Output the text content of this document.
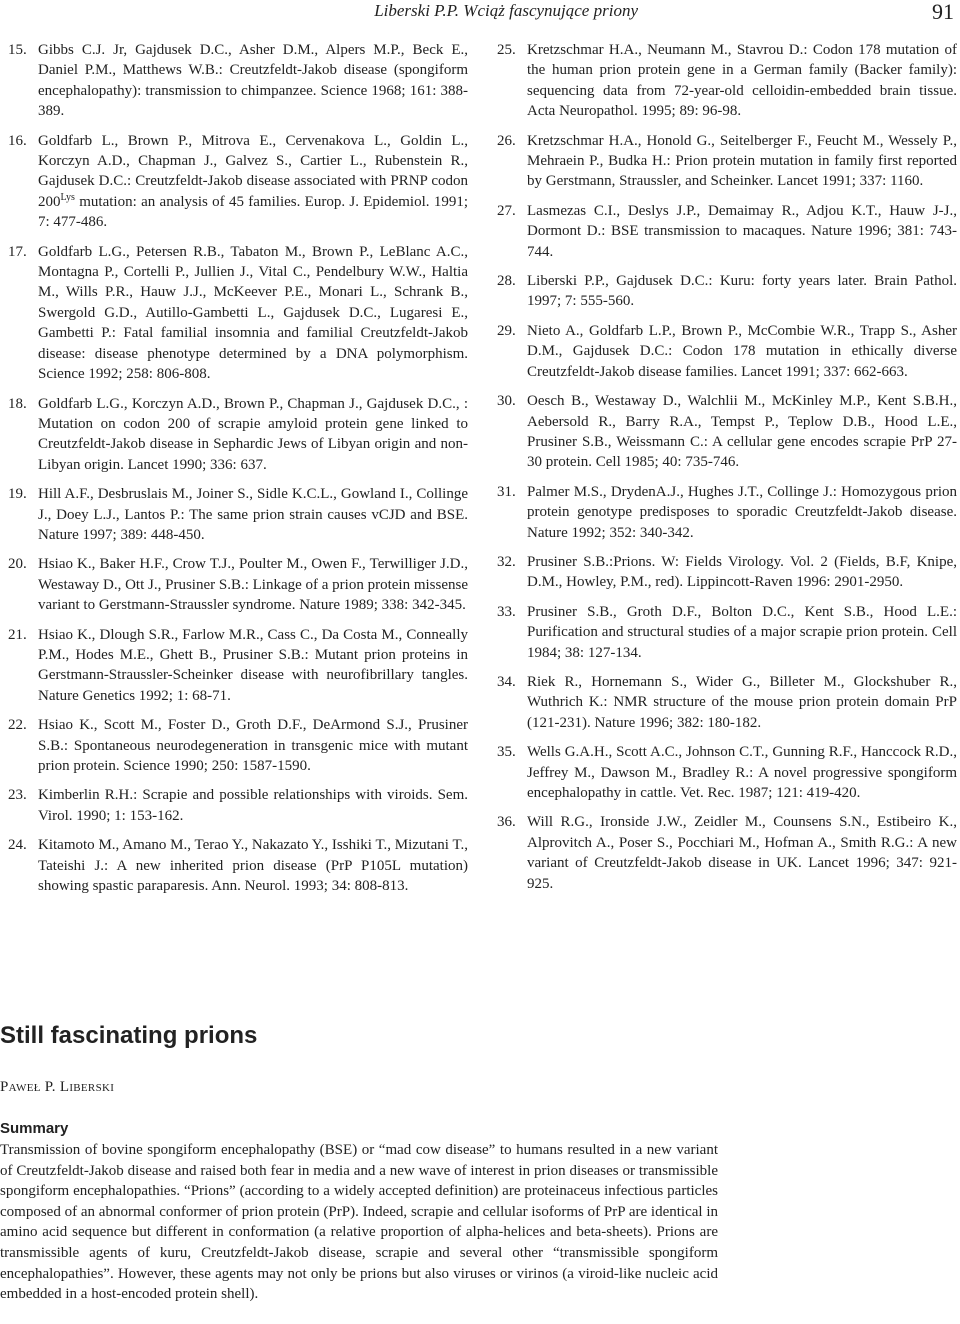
Liberski P.P. Wciąż fascynujące priony	91
15. Gibbs C.J. Jr, Gajdusek D.C., Asher D.M., Alpers M.P., Beck E., Daniel P.M., Matthews W.B.: Creutzfeldt-Jakob disease (spongiform encephalopathy): transmission to chimpanzee. Science 1968; 161: 388-389.
16. Goldfarb L., Brown P., Mitrova E., Cervenakova L., Goldin L., Korczyn A.D., Chapman J., Galvez S., Cartier L., Rubenstein R., Gajdusek D.C.: Creutzfeldt-Jakob disease associated with PRNP codon $200^{Lys}$ mutation: an analysis of 45 families. Europ. J. Epidemiol. 1991; 7: 477-486.
17. Goldfarb L.G., Petersen R.B., Tabaton M., Brown P., LeBlanc A.C., Montagna P., Cortelli P., Jullien J., Vital C., Pendelbury W.W., Haltia M., Wills P.R., Hauw J.J., McKeever P.E., Monari L., Schrank B., Swergold G.D., Autillo-Gambetti L., Gajdusek D.C., Lugaresi E., Gambetti P.: Fatal familial insomnia and familial Creutzfeldt-Jakob disease: disease phenotype determined by a DNA polymorphism. Science 1992; 258: 806-808.
18. Goldfarb L.G., Korczyn A.D., Brown P., Chapman J., Gajdusek D.C., : Mutation on codon 200 of scrapie amyloid protein gene linked to Creutzfeldt-Jakob disease in Sephardic Jews of Libyan origin and non-Libyan origin. Lancet 1990; 336: 637.
19. Hill A.F., Desbruslais M., Joiner S., Sidle K.C.L., Gowland I., Collinge J., Doey L.J., Lantos P.: The same prion strain causes vCJD and BSE. Nature 1997; 389: 448-450.
20. Hsiao K., Baker H.F., Crow T.J., Poulter M., Owen F., Terwilliger J.D., Westaway D., Ott J., Prusiner S.B.: Linkage of a prion protein missense variant to Gerstmann-Straussler syndrome. Nature 1989; 338: 342-345.
21. Hsiao K., Dlough S.R., Farlow M.R., Cass C., Da Costa M., Conneally P.M., Hodes M.E., Ghett B., Prusiner S.B.: Mutant prion proteins in Gerstmann-Straussler-Scheinker disease with neurofibrillary tangles. Nature Genetics 1992; 1: 68-71.
22. Hsiao K., Scott M., Foster D., Groth D.F., DeArmond S.J., Prusiner S.B.: Spontaneous neurodegeneration in transgenic mice with mutant prion protein. Science 1990; 250: 1587-1590.
23. Kimberlin R.H.: Scrapie and possible relationships with viroids. Sem. Virol. 1990; 1: 153-162.
24. Kitamoto M., Amano M., Terao Y., Nakazato Y., Isshiki T., Mizutani T., Tateishi J.: A new inherited prion disease (PrP P105L mutation) showing spastic paraparesis. Ann. Neurol. 1993; 34: 808-813.
25. Kretzschmar H.A., Neumann M., Stavrou D.: Codon 178 mutation of the human prion protein gene in a German family (Backer family): sequencing data from 72-year-old celloidin-embedded brain tissue. Acta Neuropathol. 1995; 89: 96-98.
26. Kretzschmar H.A., Honold G., Seitelberger F., Feucht M., Wessely P., Mehraein P., Budka H.: Prion protein mutation in family first reported by Gerstmann, Straussler, and Scheinker. Lancet 1991; 337: 1160.
27. Lasmezas C.I., Deslys J.P., Demaimay R., Adjou K.T., Hauw J-J., Dormont D.: BSE transmission to macaques. Nature 1996; 381: 743-744.
28. Liberski P.P., Gajdusek D.C.: Kuru: forty years later. Brain Pathol. 1997; 7: 555-560.
29. Nieto A., Goldfarb L.P., Brown P., McCombie W.R., Trapp S., Asher D.M., Gajdusek D.C.: Codon 178 mutation in ethically diverse Creutzfeldt-Jakob disease families. Lancet 1991; 337: 662-663.
30. Oesch B., Westaway D., Walchlii M., McKinley M.P., Kent S.B.H., Aebersold R., Barry R.A., Tempst P., Teplow D.B., Hood L.E., Prusiner S.B., Weissmann C.: A cellular gene encodes scrapie PrP 27-30 protein. Cell 1985; 40: 735-746.
31. Palmer M.S., DrydenA.J., Hughes J.T., Collinge J.: Homozygous prion protein genotype predisposes to sporadic Creutzfeldt-Jakob disease. Nature 1992; 352: 340-342.
32. Prusiner S.B.:Prions. W: Fields Virology. Vol. 2 (Fields, B.F, Knipe, D.M., Howley, P.M., red). Lippincott-Raven 1996: 2901-2950.
33. Prusiner S.B., Groth D.F., Bolton D.C., Kent S.B., Hood L.E.: Purification and structural studies of a major scrapie prion protein. Cell 1984; 38: 127-134.
34. Riek R., Hornemann S., Wider G., Billeter M., Glockshuber R., Wuthrich K.: NMR structure of the mouse prion protein domain PrP (121-231). Nature 1996; 382: 180-182.
35. Wells G.A.H., Scott A.C., Johnson C.T., Gunning R.F., Hanccock R.D., Jeffrey M., Dawson M., Bradley R.: A novel progressive spongiform encephalopathy in cattle. Vet. Rec. 1987; 121: 419-420.
36. Will R.G., Ironside J.W., Zeidler M., Counsens S.N., Estibeiro K., Alprovitch A., Poser S., Pocchiari M., Hofman A., Smith R.G.: A new variant of Creutzfeldt-Jakob disease in UK. Lancet 1996; 347: 921-925.
Still fascinating prions
Paweł P. Liberski
Summary

Transmission of bovine spongiform encephalopathy (BSE) or “mad cow disease” to humans resulted in a new variant of Creutzfeldt-Jakob disease and raised both fear in media and a new wave of interest in prion diseases or transmissible spongiform encephalopathies. “Prions” (according to a widely accepted definition) are proteinaceus infectious particles composed of an abnormal conformer of prion protein (PrP). Indeed, scrapie and cellular isoforms of PrP are identical in amino acid sequence but different in conformation (a relative proportion of alpha-helices and beta-sheets). Prions are transmissible agents of kuru, Creutzfeldt-Jakob disease, scrapie and several other “transmissible spongiform encephalopathies”. However, these agents may not only be prions but also viruses or virinos (a viroid-like nucleic acid embedded in a host-encoded protein shell).
